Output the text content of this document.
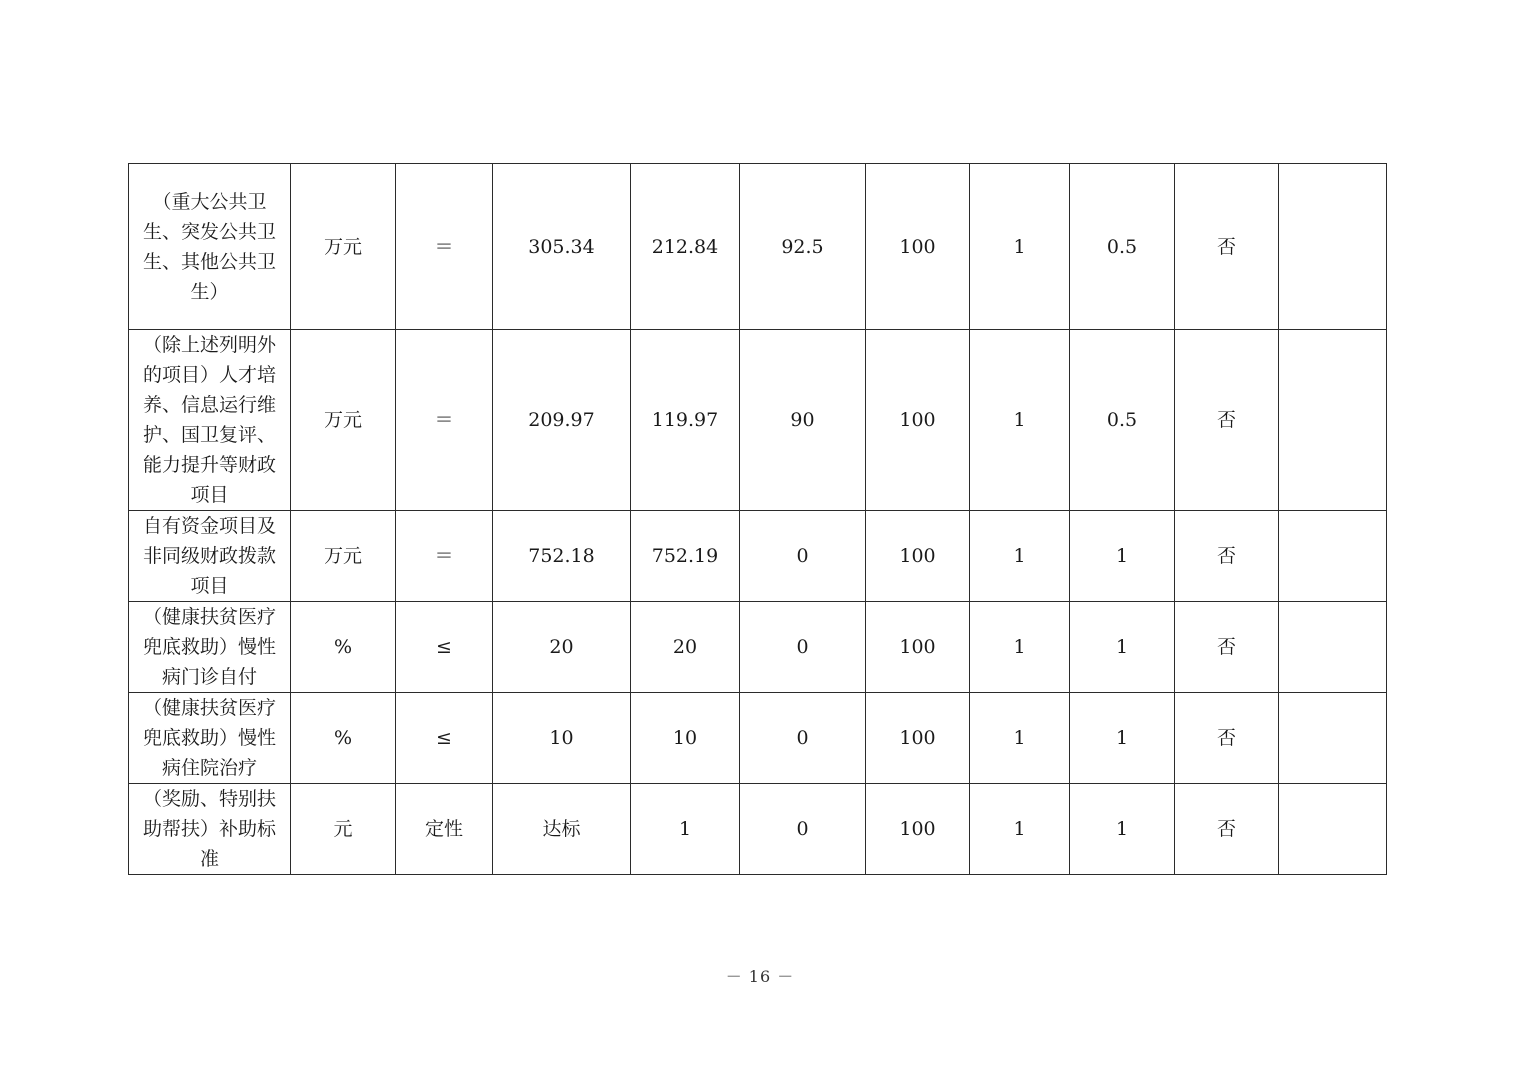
（重大公共卫生、突发公共卫生、其他公共卫生）	万元	＝	305.34	212.84	92.5	100	1	0.5	否	
（除上述列明外的项目）人才培养、信息运行维护、国卫复评、能力提升等财政项目	万元	＝	209.97	119.97	90	100	1	0.5	否	
自有资金项目及非同级财政拨款项目	万元	＝	752.18	752.19	0	100	1	1	否	
（健康扶贫医疗兜底救助）慢性病门诊自付	%	≤	20	20	0	100	1	1	否	
（健康扶贫医疗兜底救助）慢性病住院治疗	%	≤	10	10	0	100	1	1	否	
（奖励、特别扶助帮扶）补助标准	元	定性	达标	1	0	100	1	1	否	
－ 16 －
